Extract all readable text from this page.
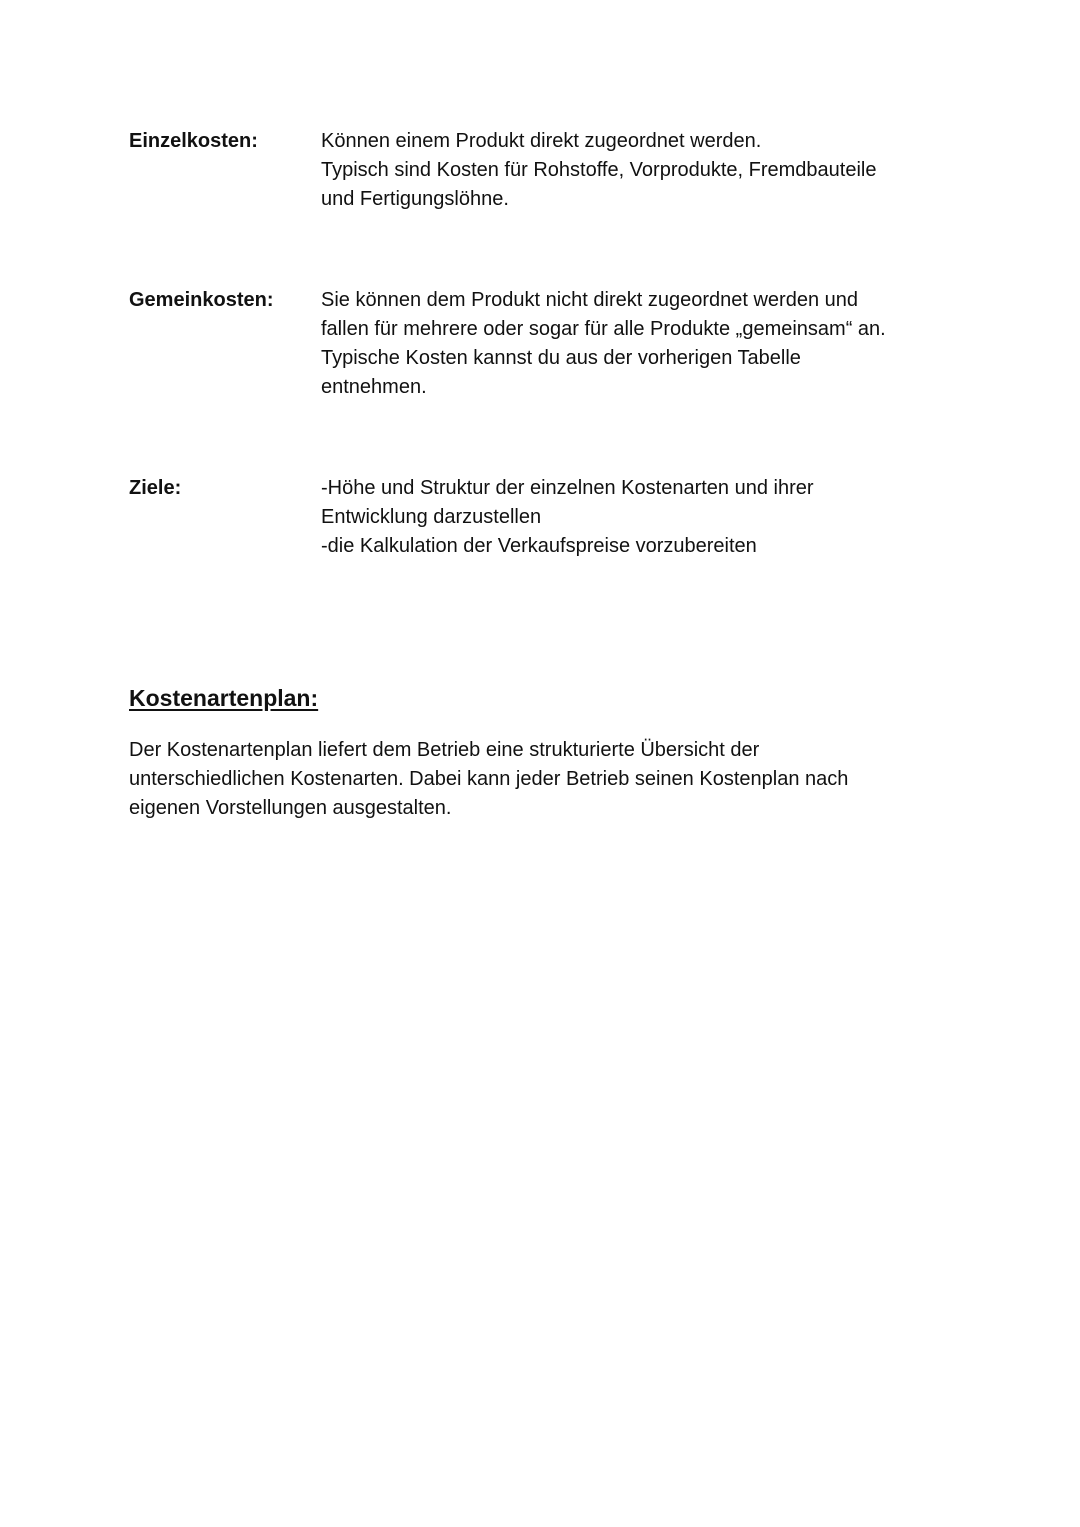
Einzelkosten:	Können einem Produkt direkt zugeordnet werden.
Typisch sind Kosten für Rohstoffe, Vorprodukte, Fremdbauteile
und Fertigungslöhne.
Gemeinkosten: Sie können dem Produkt nicht direkt zugeordnet werden und
fallen für mehrere oder sogar für alle Produkte „gemeinsam“ an.
Typische Kosten kannst du aus der vorherigen Tabelle
entnehmen.
Ziele:	-Höhe und Struktur der einzelnen Kostenarten und ihrer
Entwicklung darzustellen
-die Kalkulation der Verkaufspreise vorzubereiten
Kostenartenplan:
Der Kostenartenplan liefert dem Betrieb eine strukturierte Übersicht der
unterschiedlichen Kostenarten. Dabei kann jeder Betrieb seinen Kostenplan nach
eigenen Vorstellungen ausgestalten.
